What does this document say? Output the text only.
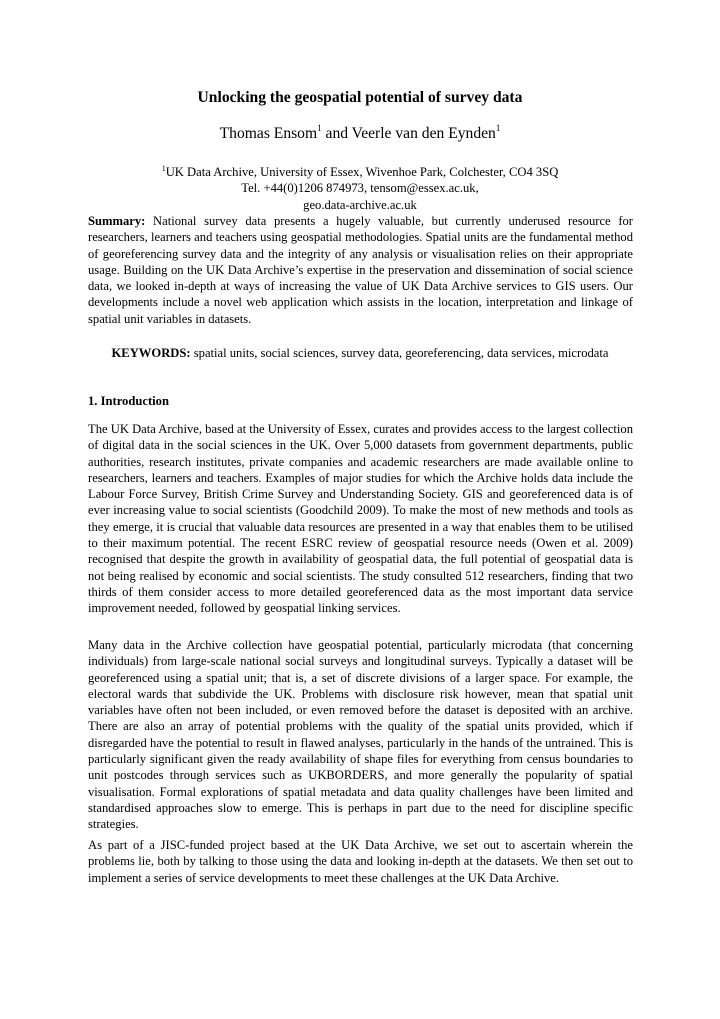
Unlocking the geospatial potential of survey data
Thomas Ensom$^1$ and Veerle van den Eynden$^1$
$^1$UK Data Archive, University of Essex, Wivenhoe Park, Colchester, CO4 3SQ
Tel. +44(0)1206 874973, tensom@essex.ac.uk,
geo.data-archive.ac.uk

Summary: National survey data presents a hugely valuable, but currently underused resource for researchers, learners and teachers using geospatial methodologies. Spatial units are the fundamental method of georeferencing survey data and the integrity of any analysis or visualisation relies on their appropriate usage. Building on the UK Data Archive’s expertise in the preservation and dissemination of social science data, we looked in-depth at ways of increasing the value of UK Data Archive services to GIS users. Our developments include a novel web application which assists in the location, interpretation and linkage of spatial unit variables in datasets.

KEYWORDS: spatial units, social sciences, survey data, georeferencing, data services, microdata
1. Introduction

The UK Data Archive, based at the University of Essex, curates and provides access to the largest collection of digital data in the social sciences in the UK. Over 5,000 datasets from government departments, public authorities, research institutes, private companies and academic researchers are made available online to researchers, learners and teachers. Examples of major studies for which the Archive holds data include the Labour Force Survey, British Crime Survey and Understanding Society. GIS and georeferenced data is of ever increasing value to social scientists (Goodchild 2009). To make the most of new methods and tools as they emerge, it is crucial that valuable data resources are presented in a way that enables them to be utilised to their maximum potential. The recent ESRC review of geospatial resource needs (Owen et al. 2009) recognised that despite the growth in availability of geospatial data, the full potential of geospatial data is not being realised by economic and social scientists. The study consulted 512 researchers, finding that two thirds of them consider access to more detailed georeferenced data as the most important data service improvement needed, followed by geospatial linking services.

Many data in the Archive collection have geospatial potential, particularly microdata (that concerning individuals) from large-scale national social surveys and longitudinal surveys. Typically a dataset will be georeferenced using a spatial unit; that is, a set of discrete divisions of a larger space. For example, the electoral wards that subdivide the UK. Problems with disclosure risk however, mean that spatial unit variables have often not been included, or even removed before the dataset is deposited with an archive. There are also an array of potential problems with the quality of the spatial units provided, which if disregarded have the potential to result in flawed analyses, particularly in the hands of the untrained. This is particularly significant given the ready availability of shape files for everything from census boundaries to unit postcodes through services such as UKBORDERS, and more generally the popularity of spatial visualisation. Formal explorations of spatial metadata and data quality challenges have been limited and standardised approaches slow to emerge. This is perhaps in part due to the need for discipline specific strategies.

As part of a JISC-funded project based at the UK Data Archive, we set out to ascertain wherein the problems lie, both by talking to those using the data and looking in-depth at the datasets. We then set out to implement a series of service developments to meet these challenges at the UK Data Archive.
